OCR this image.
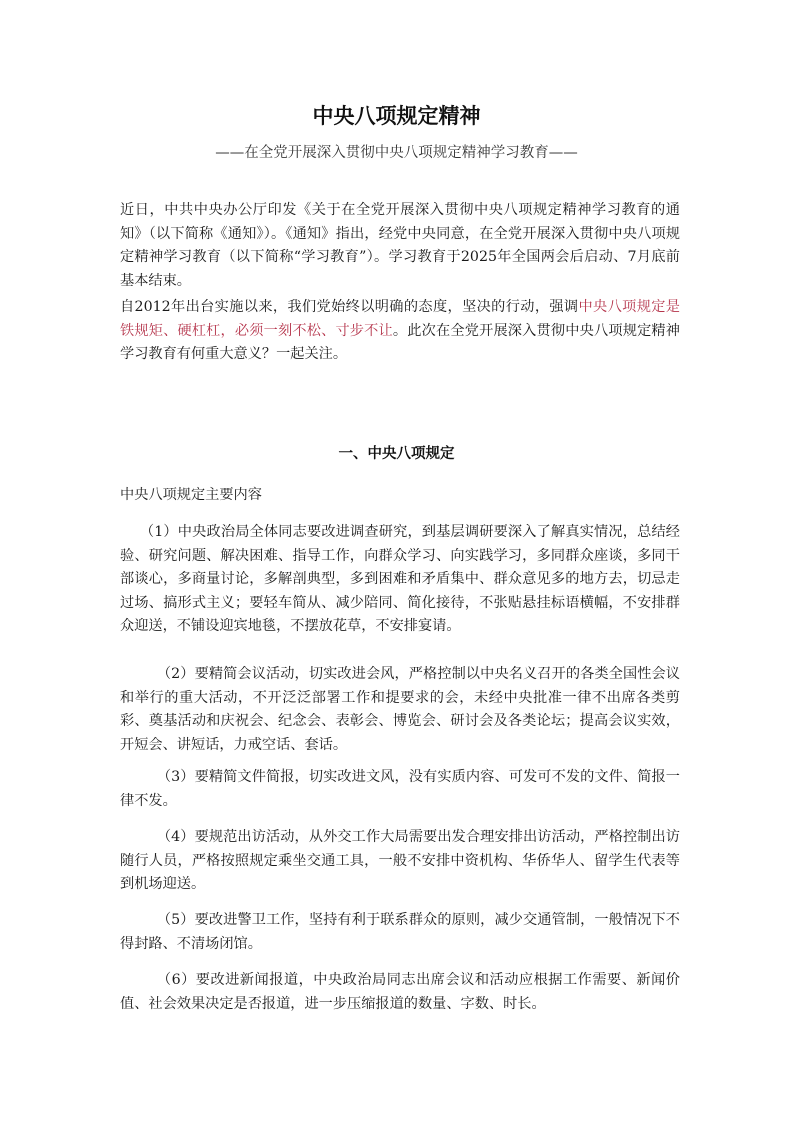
中央八项规定精神
——在全党开展深入贯彻中央八项规定精神学习教育——

近日，中共中央办公厅印发《关于在全党开展深入贯彻中央八项规定精神学习教育的通知》（以下简称《通知》）。《通知》指出，经党中央同意，在全党开展深入贯彻中央八项规定精神学习教育（以下简称“学习教育”）。学习教育于2025年全国两会后启动、7月底前基本结束。

自2012年出台实施以来，我们党始终以明确的态度，坚决的行动，强调中央八项规定是铁规矩、硬杠杠，必须一刻不松、寸步不让。此次在全党开展深入贯彻中央八项规定精神学习教育有何重大意义？一起关注。

一、中央八项规定

中央八项规定主要内容

（1）中央政治局全体同志要改进调查研究，到基层调研要深入了解真实情况，总结经验、研究问题、解决困难、指导工作，向群众学习、向实践学习，多同群众座谈，多同干部谈心，多商量讨论，多解剖典型，多到困难和矛盾集中、群众意见多的地方去，切忌走过场、搞形式主义；要轻车简从、减少陪同、简化接待，不张贴悬挂标语横幅，不安排群众迎送，不铺设迎宾地毯，不摆放花草，不安排宴请。

（2）要精简会议活动，切实改进会风，严格控制以中央名义召开的各类全国性会议和举行的重大活动，不开泛泛部署工作和提要求的会，未经中央批准一律不出席各类剪彩、奠基活动和庆祝会、纪念会、表彰会、博览会、研讨会及各类论坛；提高会议实效，开短会、讲短话，力戒空话、套话。

（3）要精简文件简报，切实改进文风，没有实质内容、可发可不发的文件、简报一律不发。

（4）要规范出访活动，从外交工作大局需要出发合理安排出访活动，严格控制出访随行人员，严格按照规定乘坐交通工具，一般不安排中资机构、华侨华人、留学生代表等到机场迎送。

（5）要改进警卫工作，坚持有利于联系群众的原则，减少交通管制，一般情况下不得封路、不清场闭馆。

（6）要改进新闻报道，中央政治局同志出席会议和活动应根据工作需要、新闻价值、社会效果决定是否报道，进一步压缩报道的数量、字数、时长。
